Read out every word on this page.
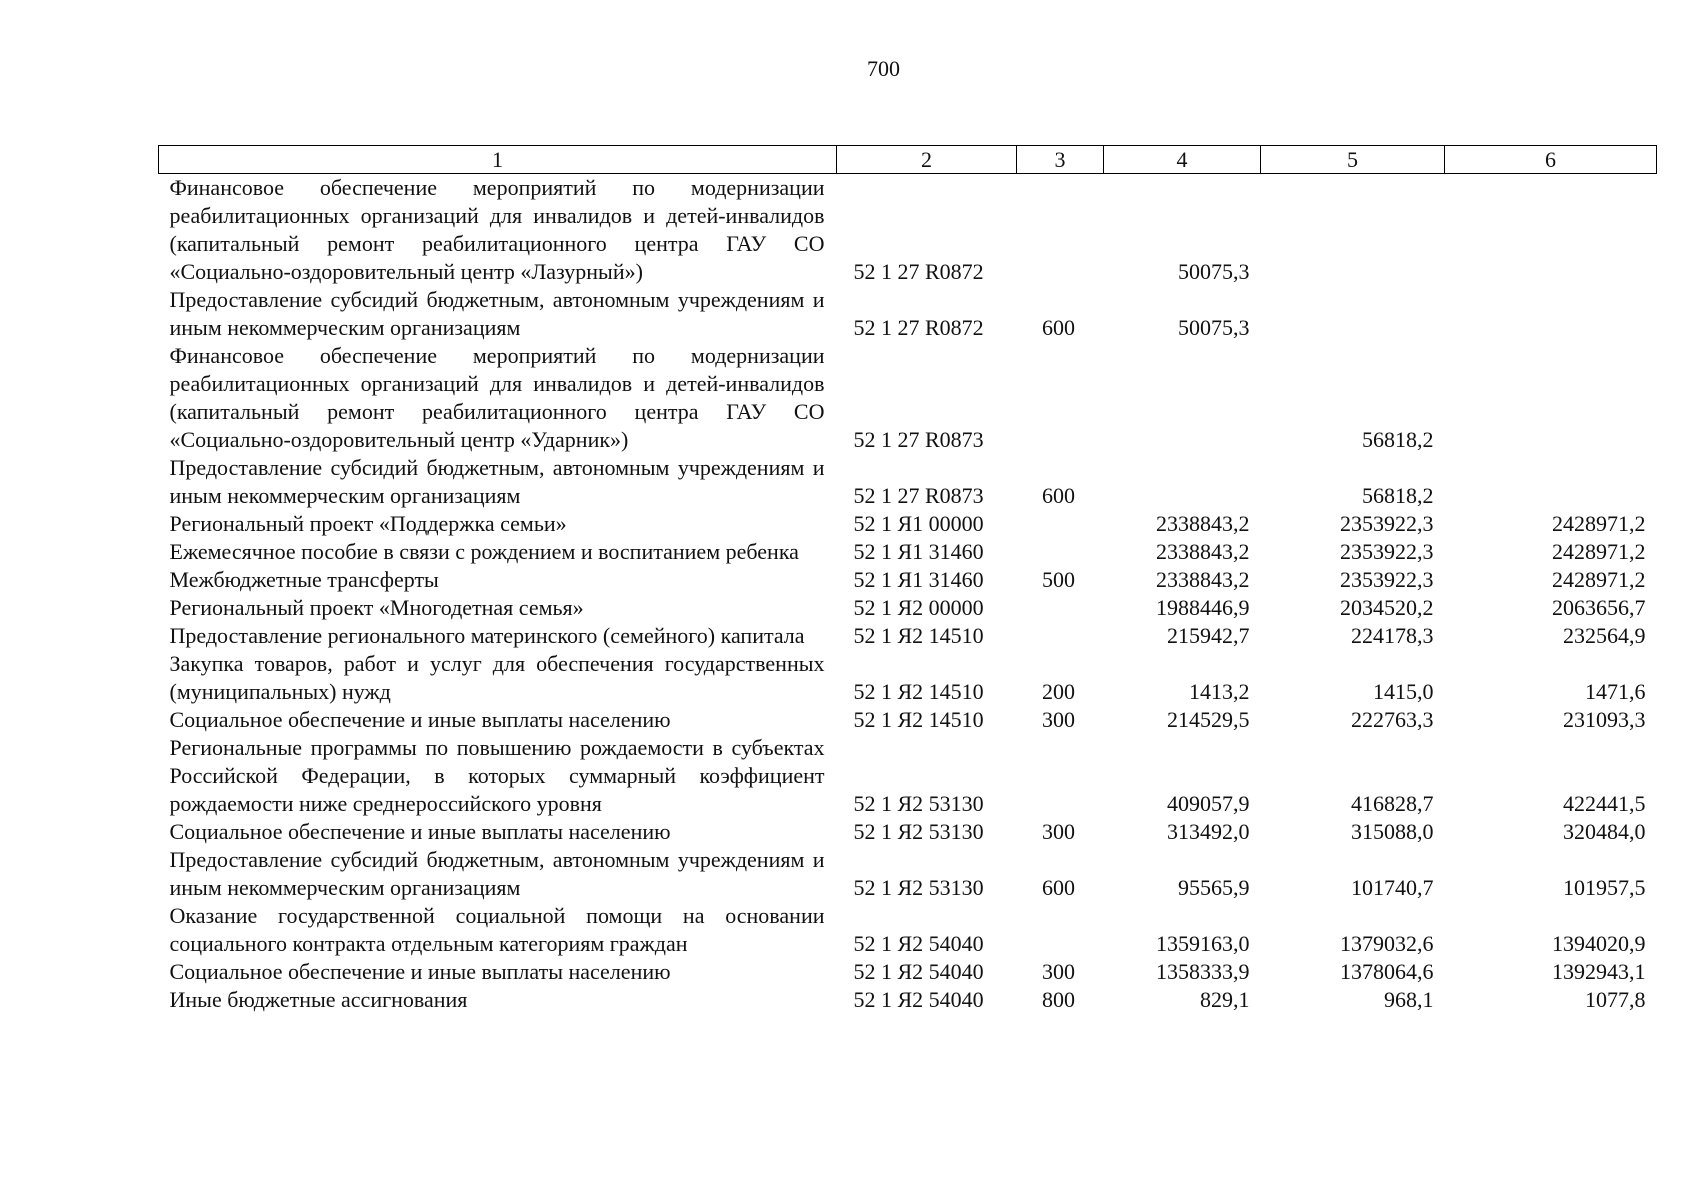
700
1	2	3	4	5	6
Финансовое обеспечение мероприятий по модернизации реабилитационных организаций для инвалидов и детей-инвалидов (капитальный ремонт реабилитационного центра ГАУ СО «Социально-оздоровительный центр «Лазурный»)	52 1 27 R0872		50075,3		
Предоставление субсидий бюджетным, автономным учреждениям и иным некоммерческим организациям	52 1 27 R0872	600	50075,3		
Финансовое обеспечение мероприятий по модернизации реабилитационных организаций для инвалидов и детей-инвалидов (капитальный ремонт реабилитационного центра ГАУ СО «Социально-оздоровительный центр «Ударник»)	52 1 27 R0873			56818,2	
Предоставление субсидий бюджетным, автономным учреждениям и иным некоммерческим организациям	52 1 27 R0873	600		56818,2	
Региональный проект «Поддержка семьи»	52 1 Я1 00000		2338843,2	2353922,3	2428971,2
Ежемесячное пособие в связи с рождением и воспитанием ребенка	52 1 Я1 31460		2338843,2	2353922,3	2428971,2
Межбюджетные трансферты	52 1 Я1 31460	500	2338843,2	2353922,3	2428971,2
Региональный проект «Многодетная семья»	52 1 Я2 00000		1988446,9	2034520,2	2063656,7
Предоставление регионального материнского (семейного) капитала	52 1 Я2 14510		215942,7	224178,3	232564,9
Закупка товаров, работ и услуг для обеспечения государственных (муниципальных) нужд	52 1 Я2 14510	200	1413,2	1415,0	1471,6
Социальное обеспечение и иные выплаты населению	52 1 Я2 14510	300	214529,5	222763,3	231093,3
Региональные программы по повышению рождаемости в субъектах Российской Федерации, в которых суммарный коэффициент рождаемости ниже среднероссийского уровня	52 1 Я2 53130		409057,9	416828,7	422441,5
Социальное обеспечение и иные выплаты населению	52 1 Я2 53130	300	313492,0	315088,0	320484,0
Предоставление субсидий бюджетным, автономным учреждениям и иным некоммерческим организациям	52 1 Я2 53130	600	95565,9	101740,7	101957,5
Оказание государственной социальной помощи на основании социального контракта отдельным категориям граждан	52 1 Я2 54040		1359163,0	1379032,6	1394020,9
Социальное обеспечение и иные выплаты населению	52 1 Я2 54040	300	1358333,9	1378064,6	1392943,1
Иные бюджетные ассигнования	52 1 Я2 54040	800	829,1	968,1	1077,8
